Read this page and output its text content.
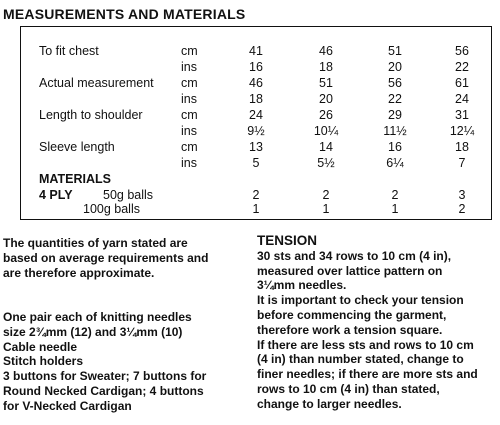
MEASUREMENTS AND MATERIALS
To fit chest	cm	41	46	51	56
ins	16	18	20	22
Actual measurement cm	46	51	56	61
ins	18	20	22	24
Length to shoulder	cm	24	26	29	31
ins	9½	10¼	11½	12¼
Sleeve length	cm	13	14	16	18
ins	5	5½	6¼	7
MATERIALS
4 PLY 50g balls	2	2	2	3
100g balls	1	1	1	2
The quantities of yarn stated are
based on average requirements and
are therefore approximate.
One pair each of knitting needles
size 2¾mm (12) and 3¼mm (10)
Cable needle
Stitch holders
3 buttons for Sweater; 7 buttons for
Round Necked Cardigan; 4 buttons
for V-Necked Cardigan
TENSION
30 sts and 34 rows to 10 cm (4 in),
measured over lattice pattern on
3¼mm needles.
It is important to check your tension
before commencing the garment,
therefore work a tension square.
If there are less sts and rows to 10 cm
(4 in) than number stated, change to
finer needles; if there are more sts and
rows to 10 cm (4 in) than stated,
change to larger needles.
